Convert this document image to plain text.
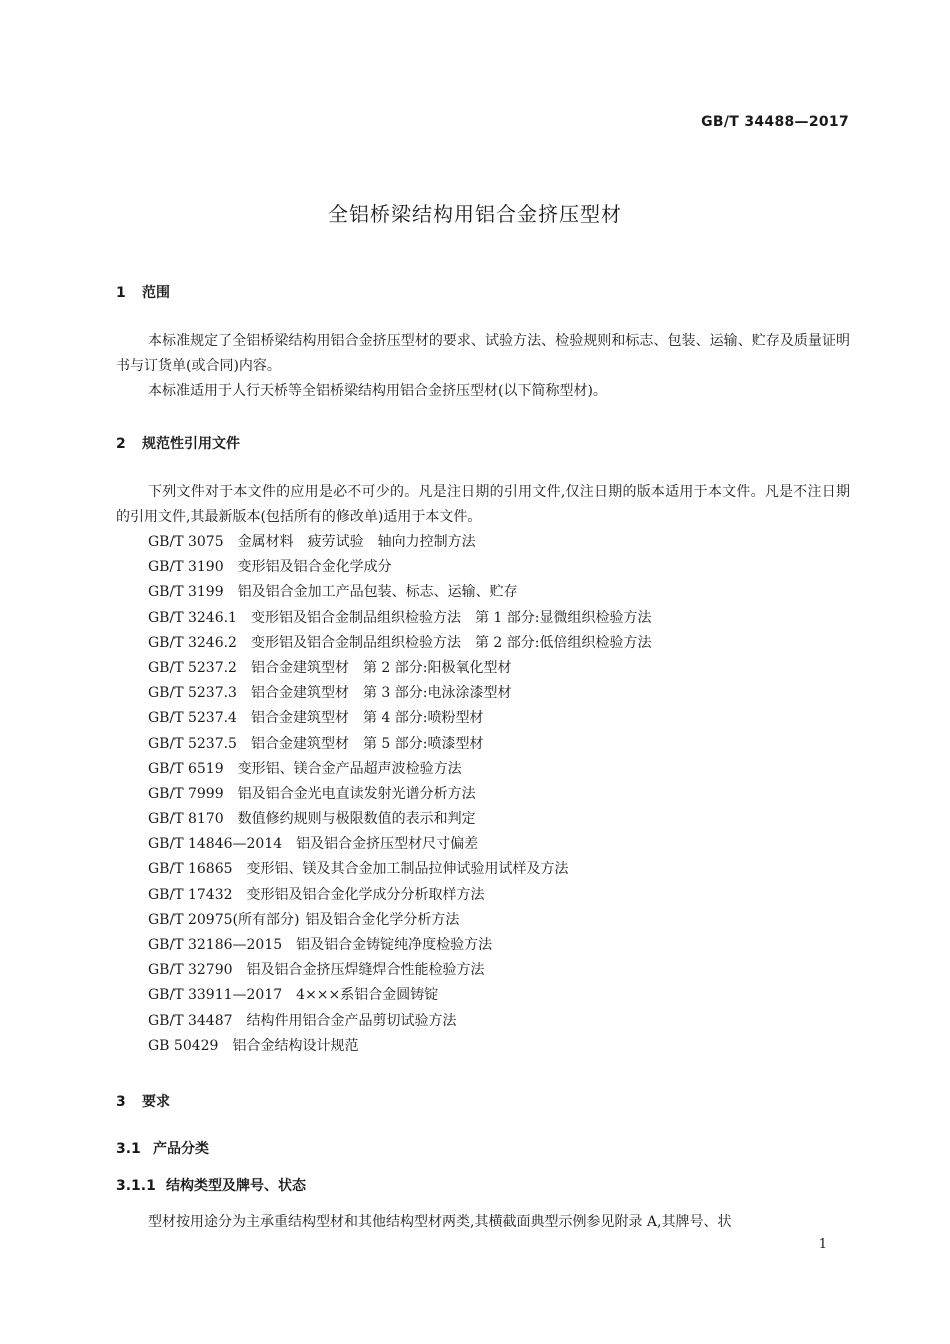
GB/T 34488—2017
全铝桥梁结构用铝合金挤压型材
1 范围

本标准规定了全铝桥梁结构用铝合金挤压型材的要求、试验方法、检验规则和标志、包装、运输、贮存及质量证明书与订货单(或合同)内容。

本标准适用于人行天桥等全铝桥梁结构用铝合金挤压型材(以下简称型材)。

2 规范性引用文件

下列文件对于本文件的应用是必不可少的。凡是注日期的引用文件,仅注日期的版本适用于本文件。凡是不注日期的引用文件,其最新版本(包括所有的修改单)适用于本文件。

GB/T 3075 金属材料　疲劳试验　轴向力控制方法
GB/T 3190 变形铝及铝合金化学成分
GB/T 3199 铝及铝合金加工产品包装、标志、运输、贮存
GB/T 3246.1 变形铝及铝合金制品组织检验方法　第 1 部分:显微组织检验方法
GB/T 3246.2 变形铝及铝合金制品组织检验方法　第 2 部分:低倍组织检验方法
GB/T 5237.2 铝合金建筑型材　第 2 部分:阳极氧化型材
GB/T 5237.3 铝合金建筑型材　第 3 部分:电泳涂漆型材
GB/T 5237.4 铝合金建筑型材　第 4 部分:喷粉型材
GB/T 5237.5 铝合金建筑型材　第 5 部分:喷漆型材
GB/T 6519 变形铝、镁合金产品超声波检验方法
GB/T 7999 铝及铝合金光电直读发射光谱分析方法
GB/T 8170 数值修约规则与极限数值的表示和判定
GB/T 14846—2014 铝及铝合金挤压型材尺寸偏差
GB/T 16865 变形铝、镁及其合金加工制品拉伸试验用试样及方法
GB/T 17432 变形铝及铝合金化学成分分析取样方法
GB/T 20975(所有部分) 铝及铝合金化学分析方法
GB/T 32186—2015 铝及铝合金铸锭纯净度检验方法
GB/T 32790 铝及铝合金挤压焊缝焊合性能检验方法
GB/T 33911—2017 4×××系铝合金圆铸锭
GB/T 34487 结构件用铝合金产品剪切试验方法
GB 50429 铝合金结构设计规范
3 要求
3.1 产品分类
3.1.1 结构类型及牌号、状态

型材按用途分为主承重结构型材和其他结构型材两类,其横截面典型示例参见附录 A,其牌号、状

1
